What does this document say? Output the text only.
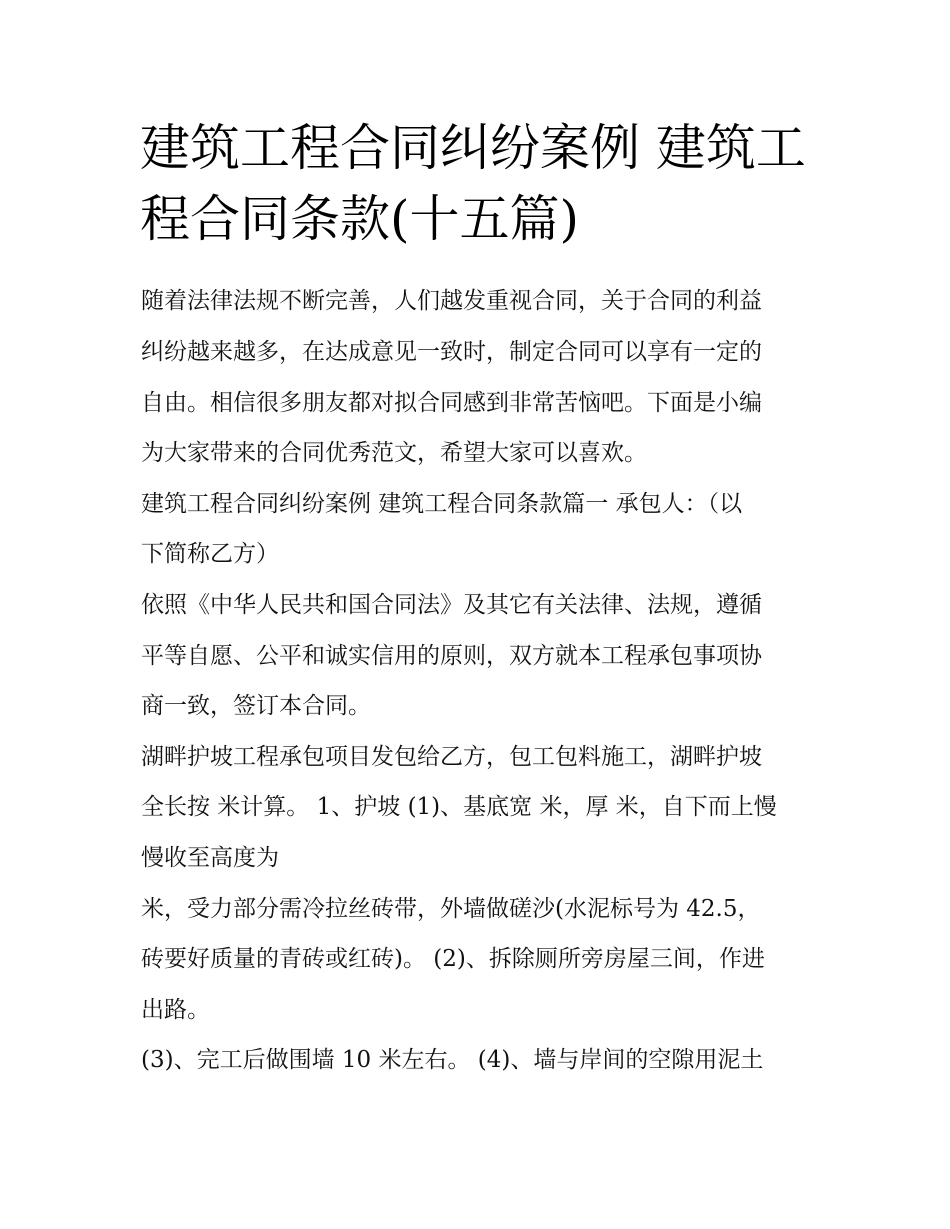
建筑工程合同纠纷案例 建筑工
程合同条款(十五篇)

随着法律法规不断完善，人们越发重视合同，关于合同的利益

纠纷越来越多，在达成意见一致时，制定合同可以享有一定的

自由。相信很多朋友都对拟合同感到非常苦恼吧。下面是小编

为大家带来的合同优秀范文，希望大家可以喜欢。

建筑工程合同纠纷案例 建筑工程合同条款篇一 承包人：（以

下简称乙方）

依照《中华人民共和国合同法》及其它有关法律、法规，遵循

平等自愿、公平和诚实信用的原则，双方就本工程承包事项协

商一致，签订本合同。

湖畔护坡工程承包项目发包给乙方，包工包料施工，湖畔护坡

全长按 米计算。 1、护坡 (1)、基底宽 米，厚 米，自下而上慢

慢收至高度为

米，受力部分需冷拉丝砖带，外墙做磋沙(水泥标号为 42.5，

砖要好质量的青砖或红砖)。 (2)、拆除厕所旁房屋三间，作进

出路。

(3)、完工后做围墙 10 米左右。 (4)、墙与岸间的空隙用泥土
